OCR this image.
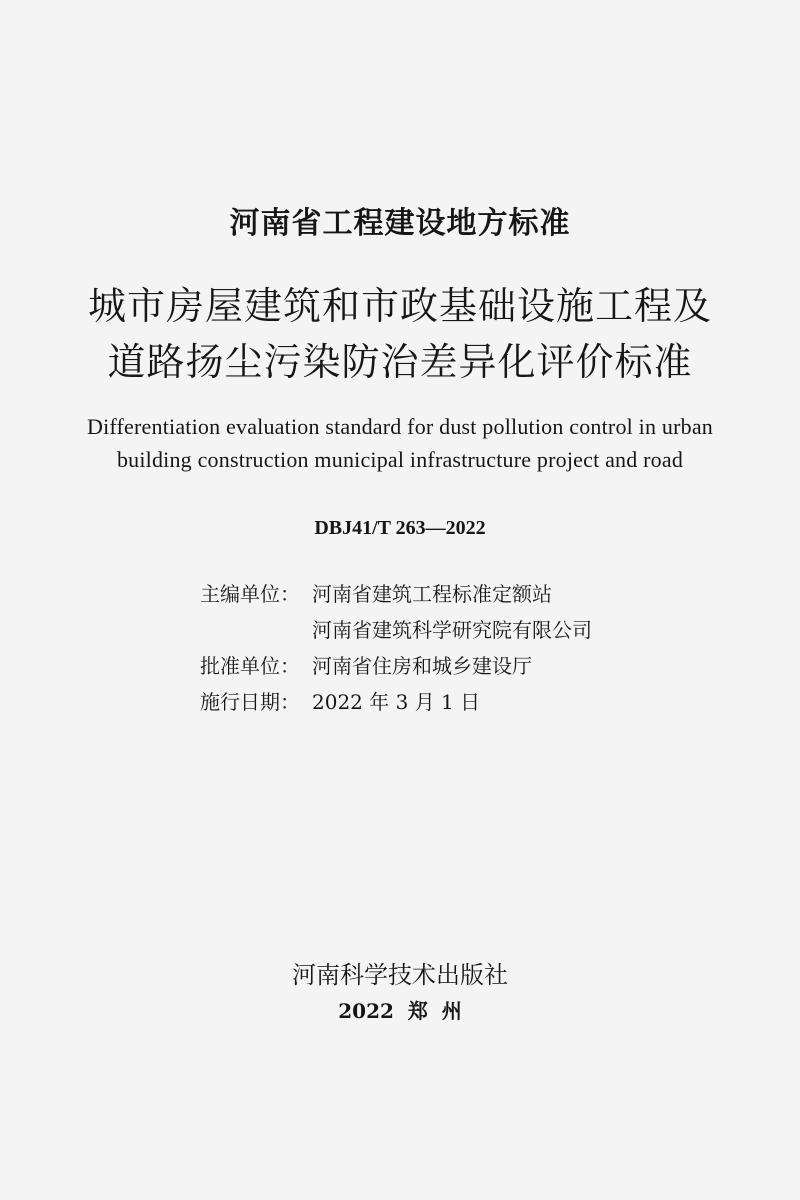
河南省工程建设地方标准
城市房屋建筑和市政基础设施工程及
道路扬尘污染防治差异化评价标准
Differentiation evaluation standard for dust pollution control in urban
building construction municipal infrastructure project and road
DBJ41/T 263—2022
主编单位： 河南省建筑工程标准定额站
河南省建筑科学研究院有限公司
批准单位： 河南省住房和城乡建设厅
施行日期： 2022 年 3 月 1 日
河南科学技术出版社
2022  郑  州
